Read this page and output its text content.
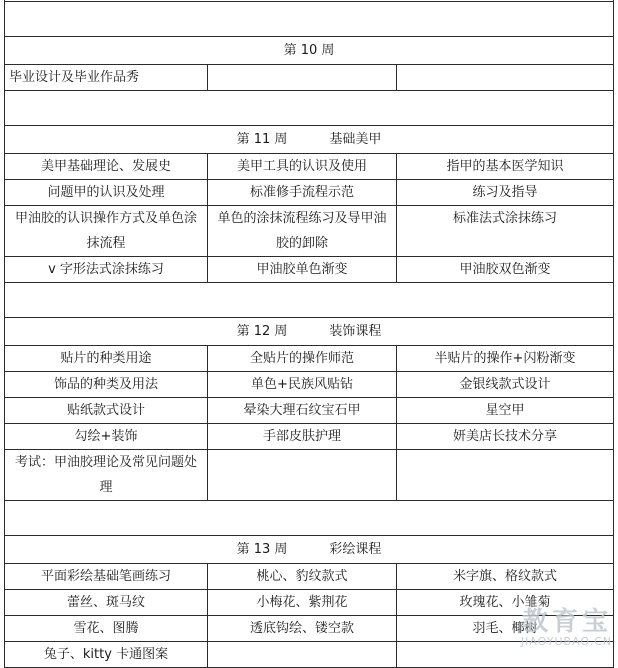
第 10 周		
毕业设计及毕业作品秀		

第 11 周 基础美甲		
美甲基础理论、发展史	美甲工具的认识及使用	指甲的基本医学知识
问题甲的认识及处理	标准修手流程示范	练习及指导
甲油胶的认识操作方式及单色涂抹流程	单色的涂抹流程练习及导甲油胶的卸除	标准法式涂抹练习
v 字形法式涂抹练习	甲油胶单色渐变	甲油胶双色渐变

第 12 周 装饰课程		
贴片的种类用途	全贴片的操作师范	半贴片的操作+闪粉渐变
饰品的种类及用法	单色+民族风贴钻	金银线款式设计
贴纸款式设计	晕染大理石纹宝石甲	星空甲
勾绘+装饰	手部皮肤护理	妍美店长技术分享
考试：甲油胶理论及常见问题处理		

第 13 周 彩绘课程		
平面彩绘基础笔画练习	桃心、豹纹款式	米字旗、格纹款式
蕾丝、斑马纹	小梅花、紫荆花	玫瑰花、小雏菊
雪花、图腾	透底钩绘、镂空款	羽毛、椰树
兔子、kitty 卡通图案		
教育宝
JIAOYUBAO.CN
